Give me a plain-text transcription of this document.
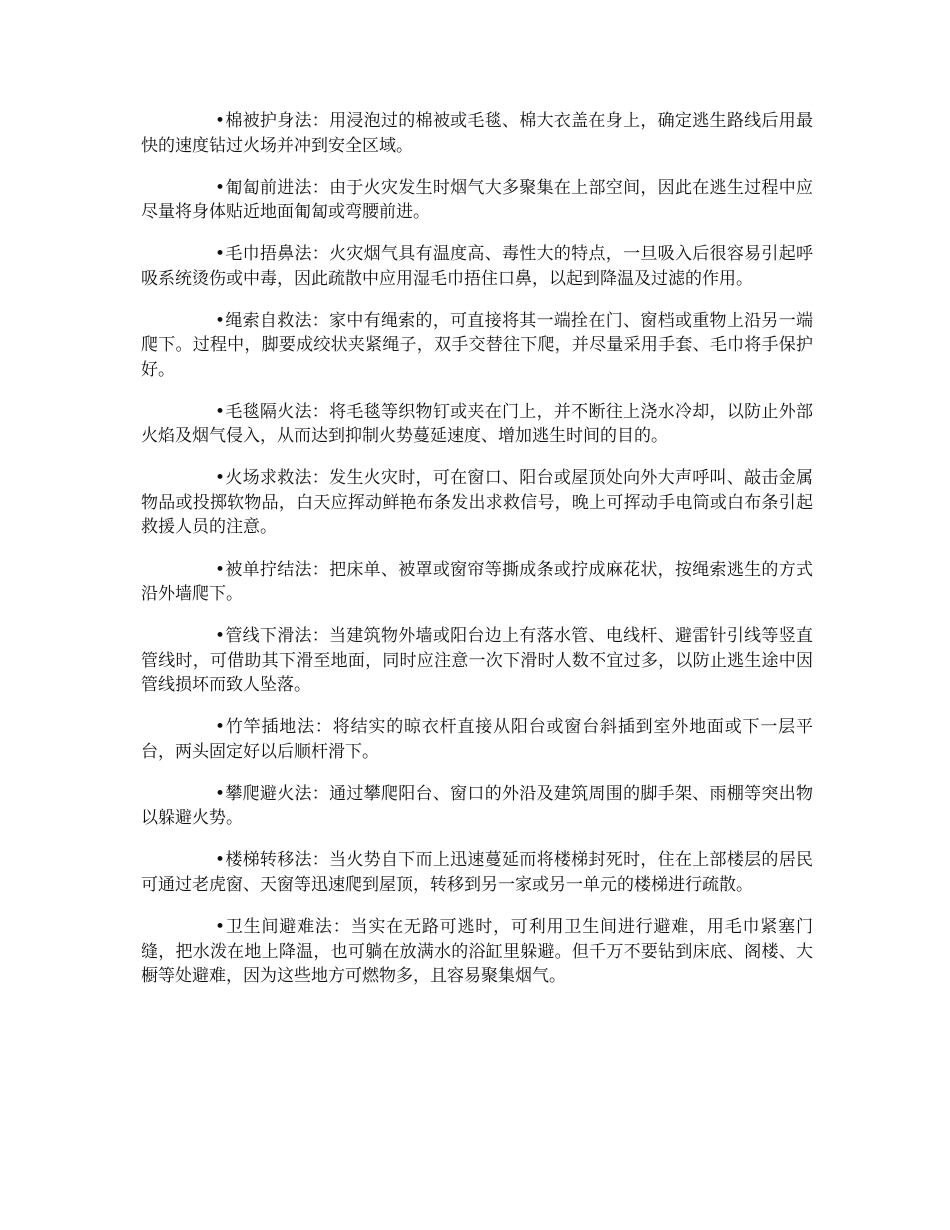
•棉被护身法：用浸泡过的棉被或毛毯、棉大衣盖在身上，确定逃生路线后用最快的速度钻过火场并冲到安全区域。

•匍匐前进法：由于火灾发生时烟气大多聚集在上部空间，因此在逃生过程中应尽量将身体贴近地面匍匐或弯腰前进。

•毛巾捂鼻法：火灾烟气具有温度高、毒性大的特点，一旦吸入后很容易引起呼吸系统烫伤或中毒，因此疏散中应用湿毛巾捂住口鼻，以起到降温及过滤的作用。

•绳索自救法：家中有绳索的，可直接将其一端拴在门、窗档或重物上沿另一端爬下。过程中，脚要成绞状夹紧绳子，双手交替往下爬，并尽量采用手套、毛巾将手保护好。

•毛毯隔火法：将毛毯等织物钉或夹在门上，并不断往上浇水冷却，以防止外部火焰及烟气侵入，从而达到抑制火势蔓延速度、增加逃生时间的目的。

•火场求救法：发生火灾时，可在窗口、阳台或屋顶处向外大声呼叫、敲击金属物品或投掷软物品，白天应挥动鲜艳布条发出求救信号，晚上可挥动手电筒或白布条引起救援人员的注意。

•被单拧结法：把床单、被罩或窗帘等撕成条或拧成麻花状，按绳索逃生的方式沿外墙爬下。

•管线下滑法：当建筑物外墙或阳台边上有落水管、电线杆、避雷针引线等竖直管线时，可借助其下滑至地面，同时应注意一次下滑时人数不宜过多，以防止逃生途中因管线损坏而致人坠落。

•竹竿插地法：将结实的晾衣杆直接从阳台或窗台斜插到室外地面或下一层平台，两头固定好以后顺杆滑下。

•攀爬避火法：通过攀爬阳台、窗口的外沿及建筑周围的脚手架、雨棚等突出物以躲避火势。

•楼梯转移法：当火势自下而上迅速蔓延而将楼梯封死时，住在上部楼层的居民可通过老虎窗、天窗等迅速爬到屋顶，转移到另一家或另一单元的楼梯进行疏散。

•卫生间避难法：当实在无路可逃时，可利用卫生间进行避难，用毛巾紧塞门缝，把水泼在地上降温，也可躺在放满水的浴缸里躲避。但千万不要钻到床底、阁楼、大橱等处避难，因为这些地方可燃物多，且容易聚集烟气。
